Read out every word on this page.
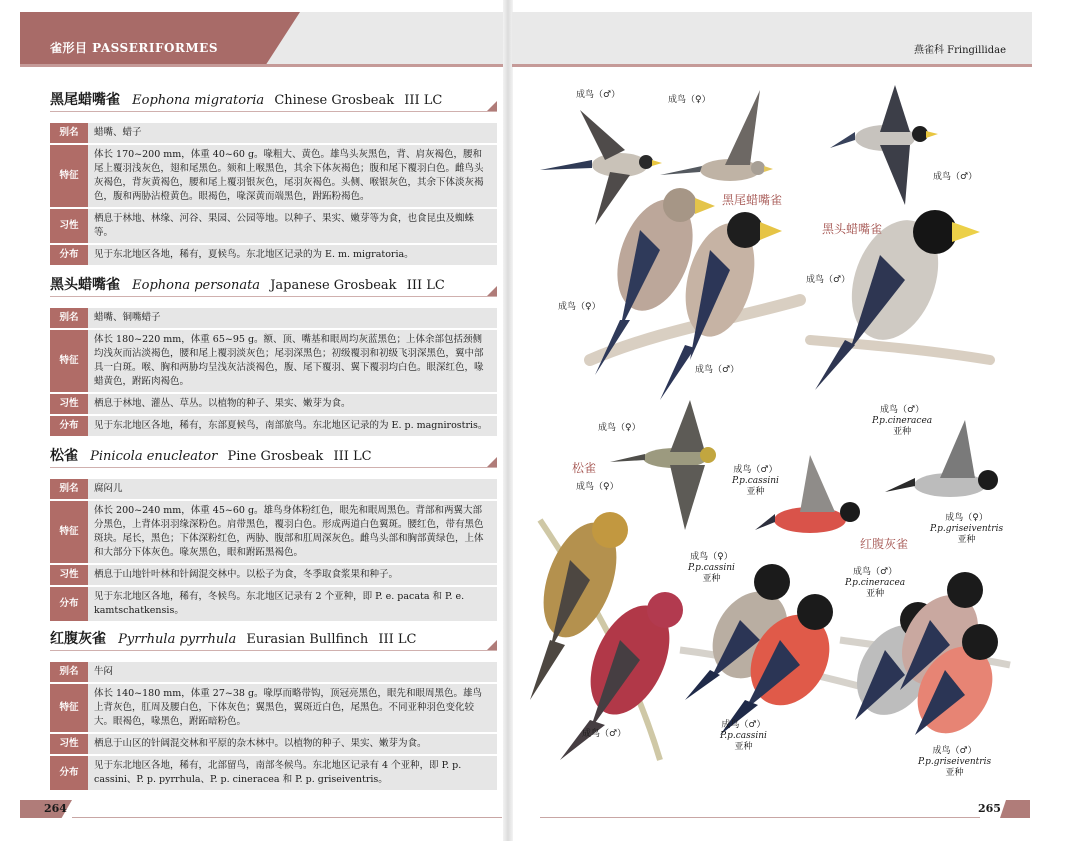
雀形目 PASSERIFORMES
黑尾蜡嘴雀 Eophona migratoria Chinese Grosbeak III LC
别名	蜡嘴、蜡子
特征	体长 170~200 mm，体重 40~60 g。喙粗大、黄色。雄鸟头灰黑色，背、肩灰褐色，腰和尾上覆羽浅灰色，翅和尾黑色。颏和上喉黑色，其余下体灰褐色；腹和尾下覆羽白色。雌鸟头灰褐色，背灰黄褐色，腰和尾上覆羽银灰色，尾羽灰褐色。头侧、喉银灰色，其余下体淡灰褐色，腹和两胁沾橙黄色。眼褐色，喙深黄而端黑色，跗跖粉褐色。
习性	栖息于林地、林缘、河谷、果园、公园等地。以种子、果实、嫩芽等为食，也食昆虫及蜘蛛等。
分布	见于东北地区各地，稀有，夏候鸟。东北地区记录的为 E. m. migratoria。
黑头蜡嘴雀 Eophona personata Japanese Grosbeak III LC
别名	蜡嘴、铜嘴蜡子
特征	体长 180~220 mm，体重 65~95 g。额、顶、嘴基和眼周均灰蓝黑色；上体余部包括颈侧均浅灰而沾淡褐色，腰和尾上覆羽淡灰色；尾羽深黑色；初级覆羽和初级飞羽深黑色，翼中部具一白斑。喉、胸和两胁均呈浅灰沾淡褐色，腹、尾下覆羽、翼下覆羽均白色。眼深红色，喙蜡黄色，跗跖肉褐色。
习性	栖息于林地、灌丛、草丛。以植物的种子、果实、嫩芽为食。
分布	见于东北地区各地，稀有，东部夏候鸟，南部旅鸟。东北地区记录的为 E. p. magnirostris。
松雀 Pinicola enucleator Pine Grosbeak III LC
别名	腐闷儿
特征	体长 200~240 mm，体重 45~60 g。雄鸟身体粉红色，眼先和眼周黑色。背部和两翼大部分黑色，上背体羽羽缘深粉色。肩带黑色，覆羽白色。形成两道白色翼斑。腰红色，带有黑色斑块。尾长，黑色；下体深粉红色，两胁、腹部和肛周深灰色。雌鸟头部和胸部黄绿色，上体和大部分下体灰色。喙灰黑色，眼和跗跖黑褐色。
习性	栖息于山地针叶林和针阔混交林中。以松子为食，冬季取食浆果和种子。
分布	见于东北地区各地，稀有，冬候鸟。东北地区记录有 2 个亚种，即 P. e. pacata 和 P. e. kamtschatkensis。
红腹灰雀 Pyrrhula pyrrhula Eurasian Bullfinch III LC
别名	牛闷
特征	体长 140~180 mm，体重 27~38 g。喙厚而略带钩，顶冠亮黑色，眼先和眼周黑色。雄鸟上背灰色，肛周及腰白色，下体灰色；翼黑色，翼斑近白色，尾黑色。不同亚种羽色变化较大。眼褐色，喙黑色，跗跖暗粉色。
习性	栖息于山区的针阔混交林和平原的杂木林中。以植物的种子、果实、嫩芽为食。
分布	见于东北地区各地，稀有，北部留鸟，南部冬候鸟。东北地区记录有 4 个亚种，即 P. p. cassini、P. p. pyrrhula、P. p. cineracea 和 P. p. griseiventris。
264
燕雀科 Fringillidae
黑尾蜡嘴雀
黑头蜡嘴雀
松雀
红腹灰雀
成鸟（♂）	成鸟（♀）
成鸟（♀）
成鸟（♂）
成鸟（♂）
成鸟（♂）
成鸟（♀）
成鸟（♀）
成鸟（♂）
成鸟（♂）
P.p.cassini
亚种
成鸟（♂）
P.p.cineracea
亚种
成鸟（♀）
P.p.griseiventris
亚种
成鸟（♀）
P.p.cassini
亚种
成鸟（♂）
P.p.cineracea
亚种
成鸟（♂）
P.p.cassini
亚种	成鸟（♂）
P.p.griseiventris
亚种
265
